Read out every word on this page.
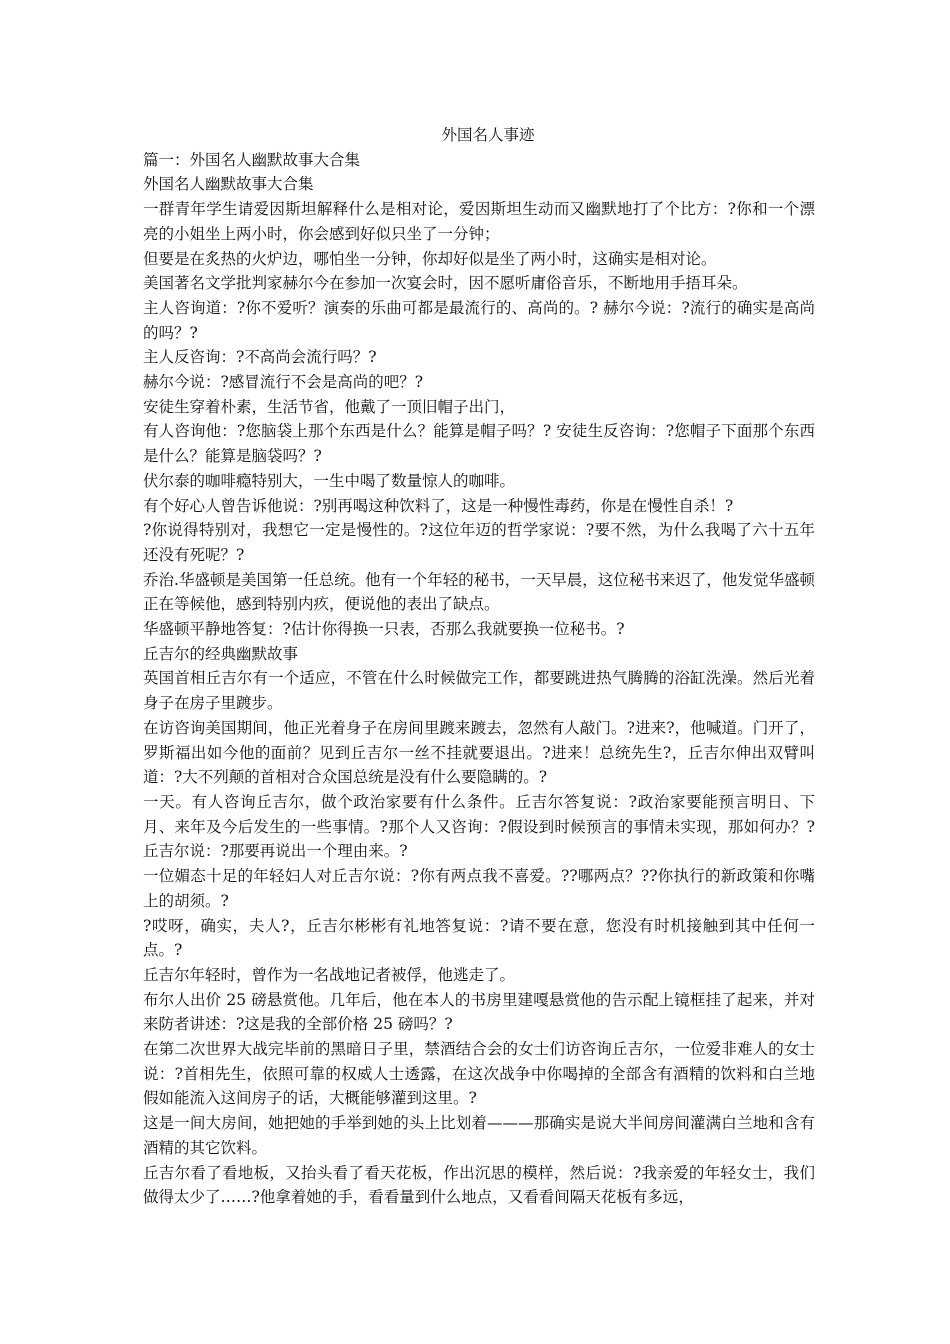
外国名人事迹

篇一：外国名人幽默故事大合集

外国名人幽默故事大合集

一群青年学生请爱因斯坦解释什么是相对论，爱因斯坦生动而又幽默地打了个比方：?你和一个漂亮的小姐坐上两小时，你会感到好似只坐了一分钟；

但要是在炙热的火炉边，哪怕坐一分钟，你却好似是坐了两小时，这确实是相对论。

美国著名文学批判家赫尔今在参加一次宴会时，因不愿听庸俗音乐，不断地用手捂耳朵。

主人咨询道：?你不爱听？演奏的乐曲可都是最流行的、高尚的。? 赫尔今说：?流行的确实是高尚的吗？?

主人反咨询：?不高尚会流行吗？?

赫尔今说：?感冒流行不会是高尚的吧？?

安徒生穿着朴素，生活节省，他戴了一顶旧帽子出门，

有人咨询他：?您脑袋上那个东西是什么？能算是帽子吗？? 安徒生反咨询：?您帽子下面那个东西是什么？能算是脑袋吗？?

伏尔泰的咖啡瘾特别大，一生中喝了数量惊人的咖啡。

有个好心人曾告诉他说：?别再喝这种饮料了，这是一种慢性毒药，你是在慢性自杀！?

?你说得特别对，我想它一定是慢性的。?这位年迈的哲学家说：?要不然，为什么我喝了六十五年还没有死呢？?

乔治.华盛顿是美国第一任总统。他有一个年轻的秘书，一天早晨，这位秘书来迟了，他发觉华盛顿正在等候他，感到特别内疚，便说他的表出了缺点。

华盛顿平静地答复：?估计你得换一只表，否那么我就要换一位秘书。?

丘吉尔的经典幽默故事

英国首相丘吉尔有一个适应，不管在什么时候做完工作，都要跳进热气腾腾的浴缸洗澡。然后光着身子在房子里踱步。

在访咨询美国期间，他正光着身子在房间里踱来踱去，忽然有人敲门。?进来?，他喊道。门开了，罗斯福出如今他的面前？见到丘吉尔一丝不挂就要退出。?进来！总统先生?，丘吉尔伸出双臂叫道：?大不列颠的首相对合众国总统是没有什么要隐瞒的。?

一天。有人咨询丘吉尔，做个政治家要有什么条件。丘吉尔答复说：?政治家要能预言明日、下月、来年及今后发生的一些事情。?那个人又咨询：?假设到时候预言的事情未实现，那如何办？?丘吉尔说：?那要再说出一个理由来。?

一位媚态十足的年轻妇人对丘吉尔说：?你有两点我不喜爱。??哪两点？??你执行的新政策和你嘴上的胡须。?

?哎呀，确实，夫人?，丘吉尔彬彬有礼地答复说：?请不要在意，您没有时机接触到其中任何一点。?

丘吉尔年轻时，曾作为一名战地记者被俘，他逃走了。

布尔人出价 25 磅悬赏他。几年后，他在本人的书房里建嘎悬赏他的告示配上镜框挂了起来，并对来防者讲述：?这是我的全部价格 25 磅吗？?

在第二次世界大战完毕前的黑暗日子里，禁酒结合会的女士们访咨询丘吉尔，一位爱非难人的女士说：?首相先生，依照可靠的权威人士透露，在这次战争中你喝掉的全部含有酒精的饮料和白兰地假如能流入这间房子的话，大概能够灌到这里。?

这是一间大房间，她把她的手举到她的头上比划着———那确实是说大半间房间灌满白兰地和含有酒精的其它饮料。

丘吉尔看了看地板，又抬头看了看天花板，作出沉思的模样，然后说：?我亲爱的年轻女士，我们做得太少了……?他拿着她的手，看看量到什么地点，又看看间隔天花板有多远，
